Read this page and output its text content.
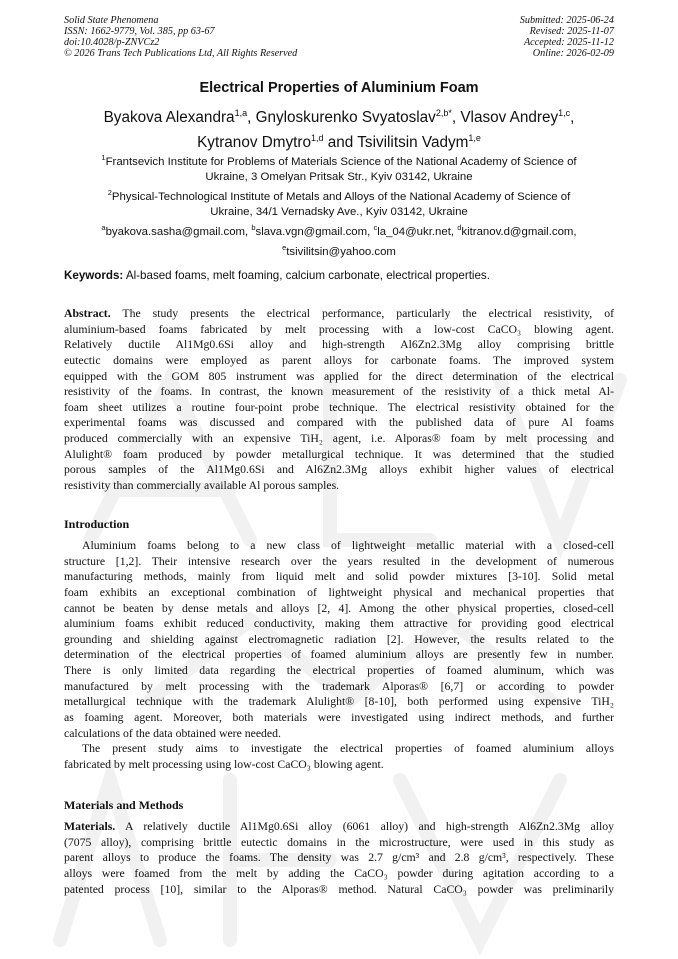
Solid State Phenomena
ISSN: 1662-9779, Vol. 385, pp 63-67
doi:10.4028/p-ZNVCz2
© 2026 Trans Tech Publications Ltd, All Rights Reserved
Submitted: 2025-06-24
Revised: 2025-11-07
Accepted: 2025-11-12
Online: 2026-02-09
Electrical Properties of Aluminium Foam
Byakova Alexandra$^{1,a}$, Gnyloskurenko Svyatoslav$^{2,b*}$, Vlasov Andrey$^{1,c}$,
Kytranov Dmytro$^{1,d}$ and Tsivilitsin Vadym$^{1,e}$
$^1$Frantsevich Institute for Problems of Materials Science of the National Academy of Science of
Ukraine, 3 Omelyan Pritsak Str., Kyiv 03142, Ukraine
$^2$Physical-Technological Institute of Metals and Alloys of the National Academy of Science of
Ukraine, 34/1 Vernadsky Ave., Kyiv 03142, Ukraine
$^a$byakova.sasha@gmail.com, $^b$slava.vgn@gmail.com, $^c$la_04@ukr.net, $^d$kitranov.d@gmail.com,
$^e$tsivilitsin@yahoo.com
Keywords: Al-based foams, melt foaming, calcium carbonate, electrical properties.
Abstract. The study presents the electrical performance, particularly the electrical resistivity, of
aluminium-based foams fabricated by melt processing with a low-cost CaCO₃ blowing agent.
Relatively ductile Al1Mg0.6Si alloy and high-strength Al6Zn2.3Mg alloy comprising brittle
eutectic domains were employed as parent alloys for carbonate foams. The improved system
equipped with the GOM 805 instrument was applied for the direct determination of the electrical
resistivity of the foams. In contrast, the known measurement of the resistivity of a thick metal Al-
foam sheet utilizes a routine four-point probe technique. The electrical resistivity obtained for the
experimental foams was discussed and compared with the published data of pure Al foams
produced commercially with an expensive TiH₂ agent, i.e. Alporas® foam by melt processing and
Alulight® foam produced by powder metallurgical technique. It was determined that the studied
porous samples of the Al1Mg0.6Si and Al6Zn2.3Mg alloys exhibit higher values of electrical
resistivity than commercially available Al porous samples.
Introduction
Aluminium foams belong to a new class of lightweight metallic material with a closed-cell
structure [1,2]. Their intensive research over the years resulted in the development of numerous
manufacturing methods, mainly from liquid melt and solid powder mixtures [3-10]. Solid metal
foam exhibits an exceptional combination of lightweight physical and mechanical properties that
cannot be beaten by dense metals and alloys [2, 4]. Among the other physical properties, closed-cell
aluminium foams exhibit reduced conductivity, making them attractive for providing good electrical
grounding and shielding against electromagnetic radiation [2]. However, the results related to the
determination of the electrical properties of foamed aluminium alloys are presently few in number.
There is only limited data regarding the electrical properties of foamed aluminum, which was
manufactured by melt processing with the trademark Alporas® [6,7] or according to powder
metallurgical technique with the trademark Alulight® [8-10], both performed using expensive TiH₂
as foaming agent. Moreover, both materials were investigated using indirect methods, and further
calculations of the data obtained were needed.
The present study aims to investigate the electrical properties of foamed aluminium alloys
fabricated by melt processing using low-cost CaCO₃ blowing agent.
Materials and Methods
Materials. A relatively ductile Al1Mg0.6Si alloy (6061 alloy) and high-strength Al6Zn2.3Mg alloy
(7075 alloy), comprising brittle eutectic domains in the microstructure, were used in this study as
parent alloys to produce the foams. The density was 2.7 g/cm³ and 2.8 g/cm³, respectively. These
alloys were foamed from the melt by adding the CaCO₃ powder during agitation according to a
patented process [10], similar to the Alporas® method. Natural CaCO₃ powder was preliminarily
